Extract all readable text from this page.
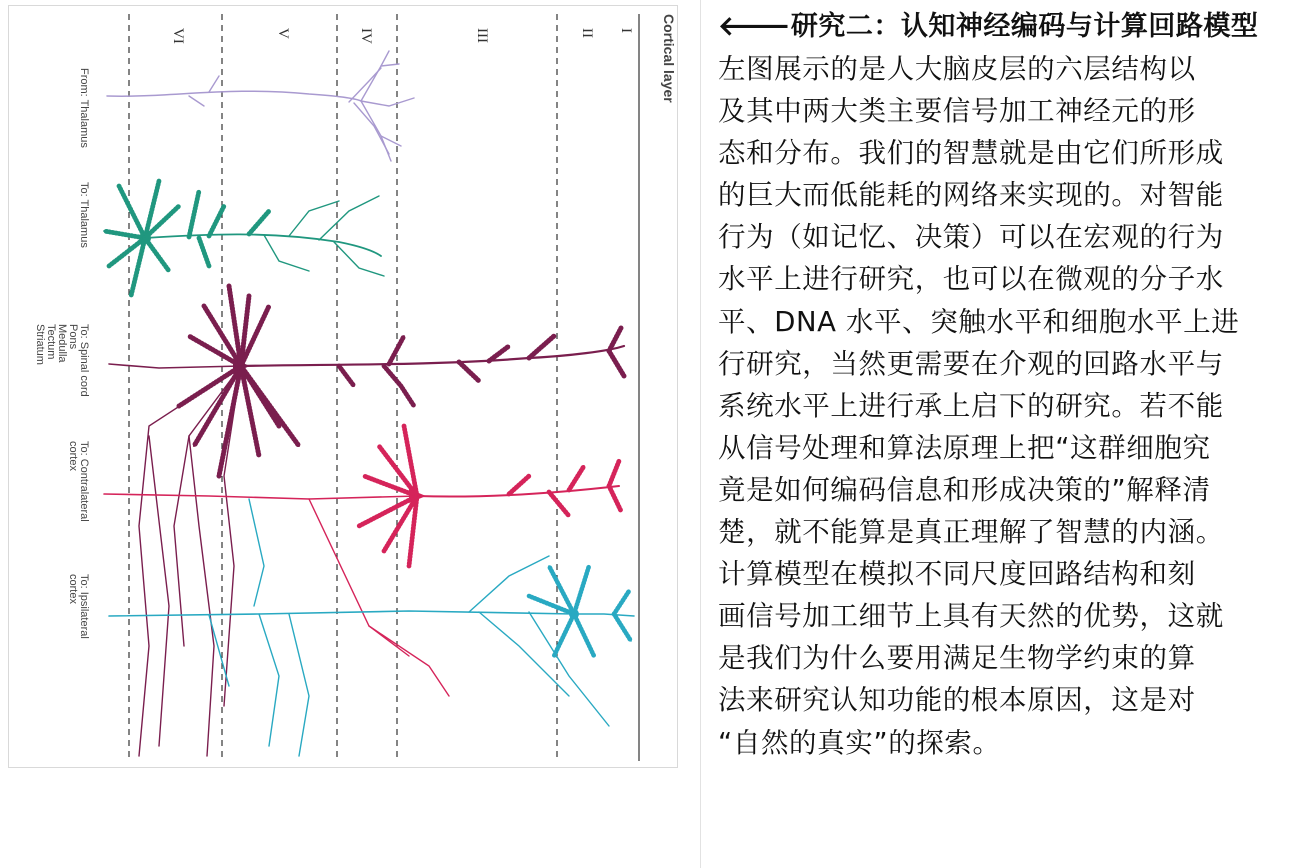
Cortical layer
I
II
III
IV
V
VI
From: Thalamus
To: Thalamus
To: Spinal cord
Pons
Medulla
Tectum
Striatum
To: Contralateral
cortex
To: Ipsilateral
cortex
🡐研究二：认知神经编码与计算回路模型

左图展示的是人大脑皮层的六层结构以

及其中两大类主要信号加工神经元的形

态和分布。我们的智慧就是由它们所形成

的巨大而低能耗的网络来实现的。对智能

行为（如记忆、决策）可以在宏观的行为

水平上进行研究，也可以在微观的分子水

平、DNA 水平、突触水平和细胞水平上进

行研究，当然更需要在介观的回路水平与

系统水平上进行承上启下的研究。若不能

从信号处理和算法原理上把“这群细胞究

竟是如何编码信息和形成决策的”解释清

楚，就不能算是真正理解了智慧的内涵。

计算模型在模拟不同尺度回路结构和刻

画信号加工细节上具有天然的优势，这就

是我们为什么要用满足生物学约束的算

法来研究认知功能的根本原因，这是对

“自然的真实”的探索。
